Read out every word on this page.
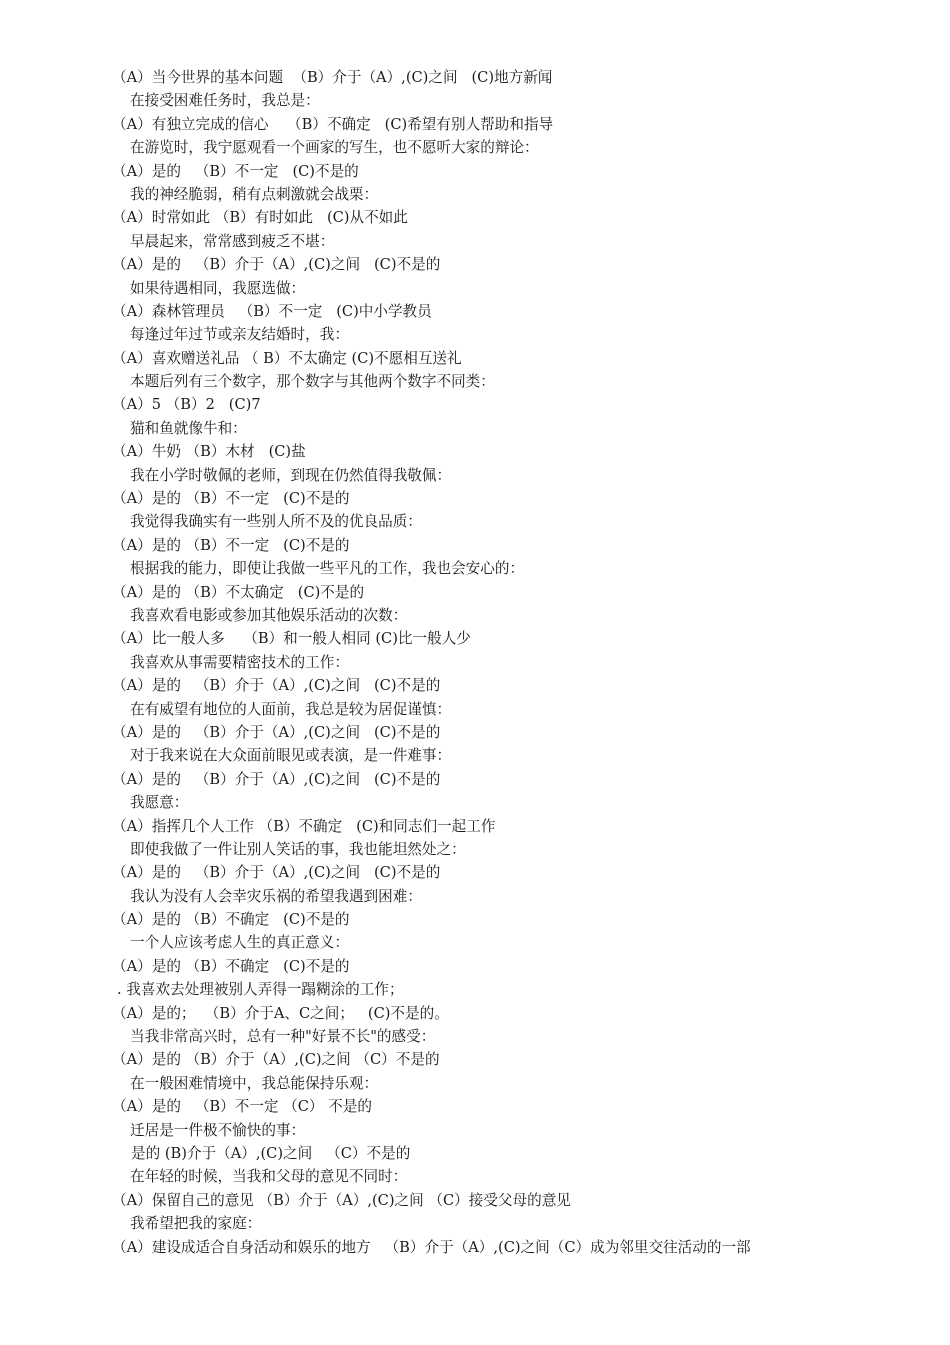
（A）当今世界的基本问题  （B）介于（A）,(C)之间   (C)地方新闻
在接受困难任务时，我总是：
（A）有独立完成的信心    （B）不确定   (C)希望有别人帮助和指导
在游览时，我宁愿观看一个画家的写生，也不愿听大家的辩论：
（A）是的   （B）不一定   (C)不是的
我的神经脆弱，稍有点刺激就会战栗：
（A）时常如此 （B）有时如此   (C)从不如此
早晨起来，常常感到疲乏不堪：
（A）是的   （B）介于（A）,(C)之间   (C)不是的
如果待遇相同，我愿选做：
（A）森林管理员   （B）不一定   (C)中小学教员
每逢过年过节或亲友结婚时，我：
（A）喜欢赠送礼品 （ B）不太确定 (C)不愿相互送礼
本题后列有三个数字，那个数字与其他两个数字不同类：
（A）5 （B）2   (C)7
猫和鱼就像牛和：
（A）牛奶 （B）木材   (C)盐
我在小学时敬佩的老师，到现在仍然值得我敬佩：
（A）是的 （B）不一定   (C)不是的
我觉得我确实有一些别人所不及的优良品质：
（A）是的 （B）不一定   (C)不是的
根据我的能力，即使让我做一些平凡的工作，我也会安心的：
（A）是的 （B）不太确定   (C)不是的
我喜欢看电影或参加其他娱乐活动的次数：
（A）比一般人多    （B）和一般人相同 (C)比一般人少
我喜欢从事需要精密技术的工作：
（A）是的   （B）介于（A）,(C)之间   (C)不是的
在有威望有地位的人面前，我总是较为居促谨慎：
（A）是的   （B）介于（A）,(C)之间   (C)不是的
对于我来说在大众面前眼见或表演，是一件难事：
（A）是的   （B）介于（A）,(C)之间   (C)不是的
我愿意：
（A）指挥几个人工作 （B）不确定   (C)和同志们一起工作
即使我做了一件让别人笑话的事，我也能坦然处之：
（A）是的   （B）介于（A）,(C)之间   (C)不是的
我认为没有人会幸灾乐祸的希望我遇到困难：
（A）是的 （B）不确定   (C)不是的
一个人应该考虑人生的真正意义：
（A）是的 （B）不确定   (C)不是的
. 我喜欢去处理被别人弄得一蹋糊涂的工作；
（A）是的；  （B）介于A、C之间；   (C)不是的。
当我非常高兴时，总有一种"好景不长"的感受：
（A）是的 （B）介于（A）,(C)之间 （C）不是的
在一般困难情境中，我总能保持乐观：
（A）是的   （B）不一定 （C） 不是的
迁居是一件极不愉快的事：
是的 (B)介于（A）,(C)之间   （C）不是的
在年轻的时候，当我和父母的意见不同时：
（A）保留自己的意见 （B）介于（A）,(C)之间 （C）接受父母的意见
我希望把我的家庭：
（A）建设成适合自身活动和娱乐的地方   （B）介于（A）,(C)之间（C）成为邻里交往活动的一部
